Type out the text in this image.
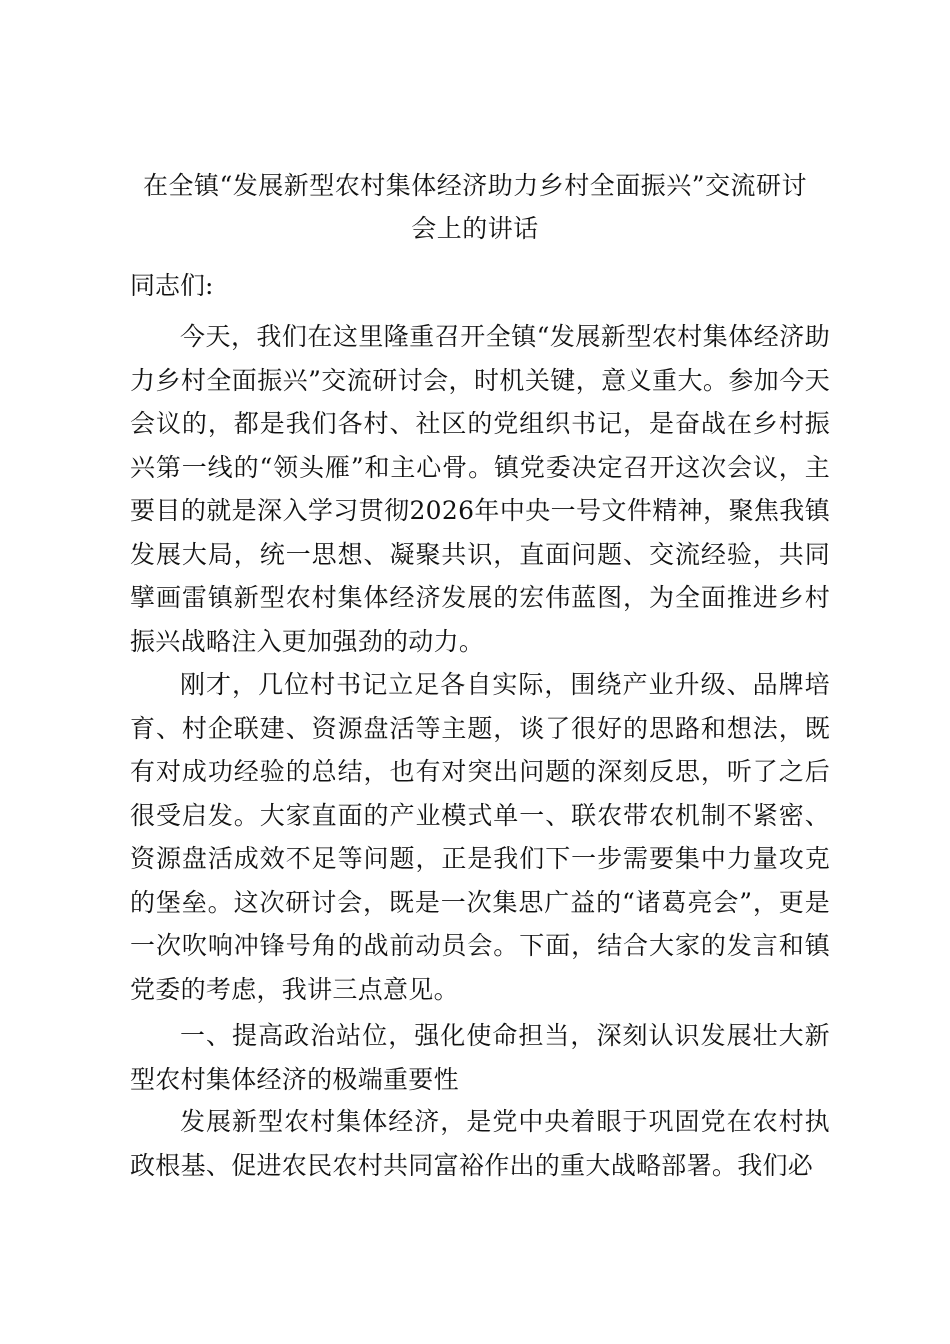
在全镇“发展新型农村集体经济助力乡村全面振兴”交流研讨
会上的讲话

同志们:

今天，我们在这里隆重召开全镇“发展新型农村集体经济助力乡村全面振兴”交流研讨会，时机关键，意义重大。参加今天会议的，都是我们各村、社区的党组织书记，是奋战在乡村振兴第一线的“领头雁”和主心骨。镇党委决定召开这次会议，主要目的就是深入学习贯彻2026年中央一号文件精神，聚焦我镇发展大局，统一思想、凝聚共识，直面问题、交流经验，共同擘画雷镇新型农村集体经济发展的宏伟蓝图，为全面推进乡村振兴战略注入更加强劲的动力。

刚才，几位村书记立足各自实际，围绕产业升级、品牌培育、村企联建、资源盘活等主题，谈了很好的思路和想法，既有对成功经验的总结，也有对突出问题的深刻反思，听了之后很受启发。大家直面的产业模式单一、联农带农机制不紧密、资源盘活成效不足等问题，正是我们下一步需要集中力量攻克的堡垒。这次研讨会，既是一次集思广益的“诸葛亮会”，更是一次吹响冲锋号角的战前动员会。下面，结合大家的发言和镇党委的考虑，我讲三点意见。

一、提高政治站位，强化使命担当，深刻认识发展壮大新型农村集体经济的极端重要性

发展新型农村集体经济，是党中央着眼于巩固党在农村执政根基、促进农民农村共同富裕作出的重大战略部署。我们必
